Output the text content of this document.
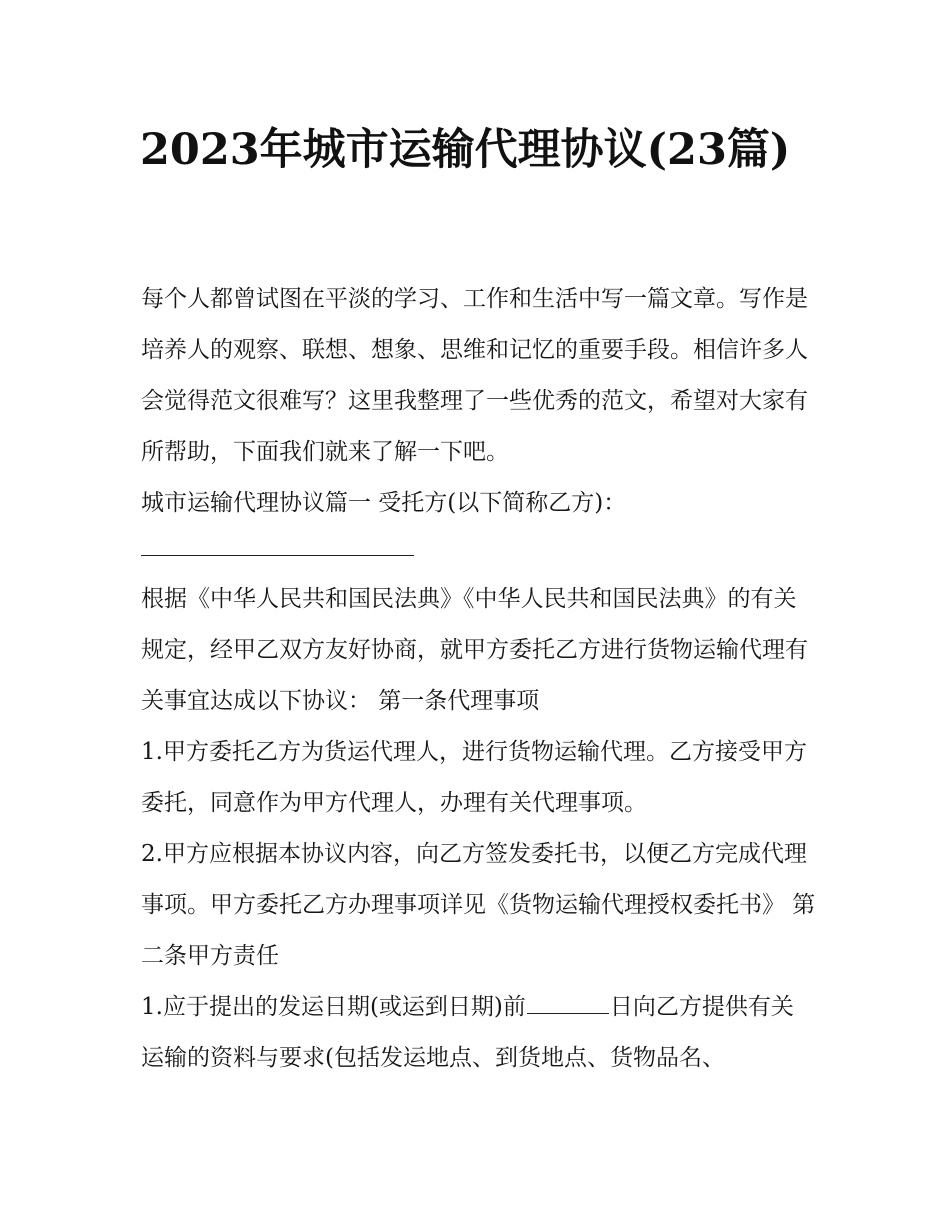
2023年城市运输代理协议(23篇)

每个人都曾试图在平淡的学习、工作和生活中写一篇文章。写作是培养人的观察、联想、想象、思维和记忆的重要手段。相信许多人会觉得范文很难写？这里我整理了一些优秀的范文，希望对大家有所帮助，下面我们就来了解一下吧。

城市运输代理协议篇一 受托方(以下简称乙方)：

根据《中华人民共和国民法典》《中华人民共和国民法典》的有关规定，经甲乙双方友好协商，就甲方委托乙方进行货物运输代理有关事宜达成以下协议： 第一条代理事项

1.甲方委托乙方为货运代理人，进行货物运输代理。乙方接受甲方委托，同意作为甲方代理人，办理有关代理事项。

2.甲方应根据本协议内容，向乙方签发委托书，以便乙方完成代理事项。甲方委托乙方办理事项详见《货物运输代理授权委托书》 第二条甲方责任

1.应于提出的发运日期(或运到日期)前	日向乙方提供有关运输的资料与要求(包括发运地点、到货地点、货物品名、
